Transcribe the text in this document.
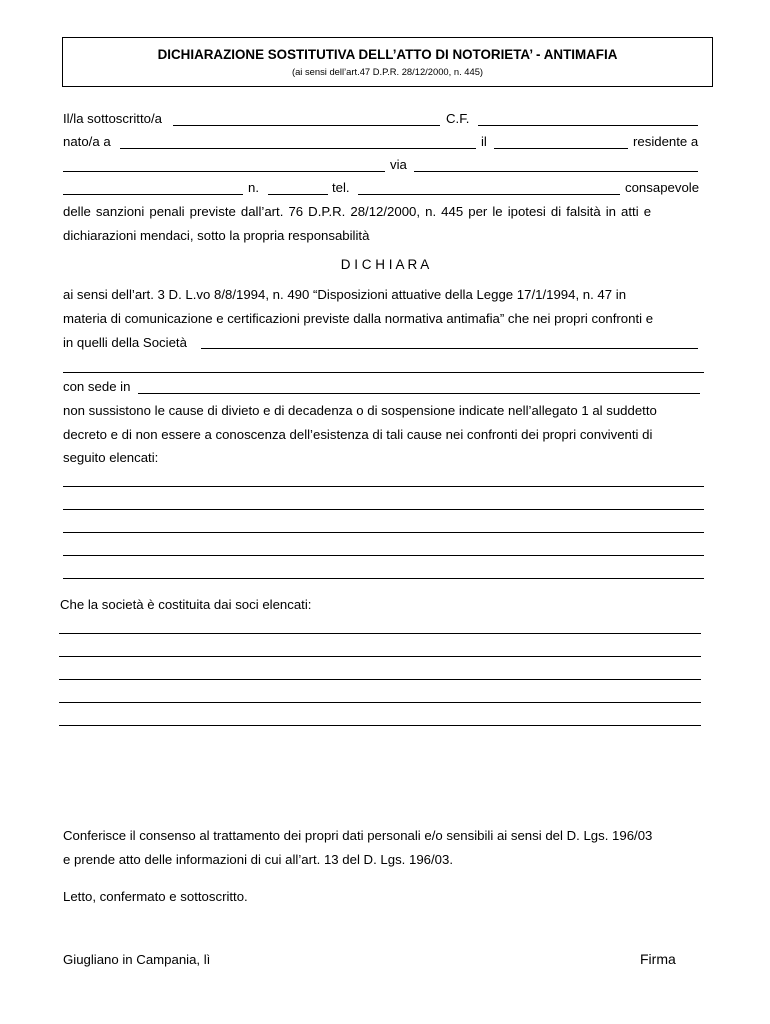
DICHIARAZIONE SOSTITUTIVA DELL’ATTO DI NOTORIETA’ - ANTIMAFIA
(ai sensi dell’art.47 D.P.R. 28/12/2000, n. 445)
Il/la sottoscritto/a	C.F.
nato/a a	il	residente a
via
n.	tel.	consapevole
delle sanzioni penali previste dall’art. 76 D.P.R. 28/12/2000, n. 445 per le ipotesi di falsità in atti e
dichiarazioni mendaci, sotto la propria responsabilità
D I C H I A R A
ai sensi dell’art. 3 D. L.vo 8/8/1994, n. 490 “Disposizioni attuative della Legge 17/1/1994, n. 47 in
materia di comunicazione e certificazioni previste dalla normativa antimafia” che nei propri confronti e
in quelli della Società
con sede in
non sussistono le cause di divieto e di decadenza o di sospensione indicate nell’allegato 1 al suddetto
decreto e di non essere a conoscenza dell’esistenza di tali cause nei confronti dei propri conviventi di
seguito elencati:
Che la società è costituita dai soci elencati:
Conferisce il consenso al trattamento dei propri dati personali e/o sensibili ai sensi del D. Lgs. 196/03
e prende atto delle informazioni di cui all’art. 13 del D. Lgs. 196/03.
Letto, confermato e sottoscritto.
Giugliano in Campania, lì	Firma
